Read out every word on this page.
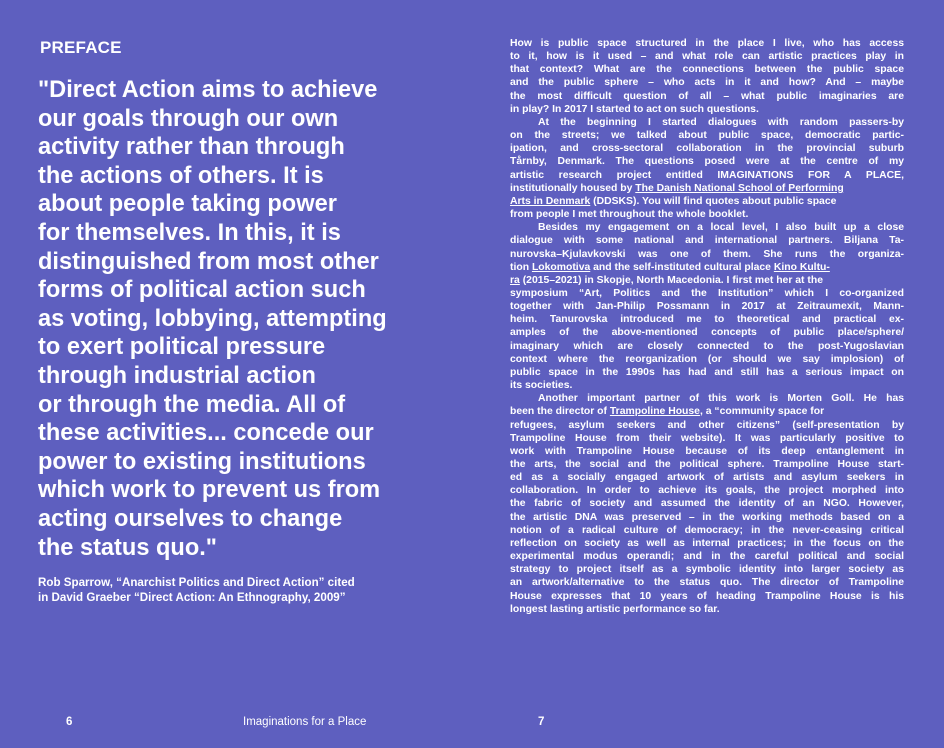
PREFACE
"Direct Action aims to achieve
our goals through our own
activity rather than through
the actions of others. It is
about people taking power
for themselves. In this, it is
distinguished from most other
forms of political action such
as voting, lobbying, attempting
to exert political pressure
through industrial action
or through the media. All of
these activities... concede our
power to existing institutions
which work to prevent us from
acting ourselves to change
the status quo."
Rob Sparrow, “Anarchist Politics and Direct Action” cited
in David Graeber “Direct Action: An Ethnography, 2009”
6	Imaginations for a Place
How is public space structured in the place I live, who has access
to it, how is it used – and what role can artistic practices play in
that context? What are the connections between the public space
and the public sphere – who acts in it and how? And – maybe
the most difficult question of all – what public imaginaries are
in play? In 2017 I started to act on such questions.
At the beginning I started dialogues with random passers-by
on the streets; we talked about public space, democratic partic-
ipation, and cross-sectoral collaboration in the provincial suburb
Tårnby, Denmark. The questions posed were at the centre of my
artistic research project entitled IMAGINATIONS FOR A PLACE,
institutionally housed by The Danish National School of Performing
Arts in Denmark (DDSKS). You will find quotes about public space
from people I met throughout the whole booklet.
Besides my engagement on a local level, I also built up a close
dialogue with some national and international partners. Biljana Ta-
nurovska–Kjulavkovski was one of them. She runs the organiza-
tion Lokomotiva and the self-instituted cultural place Kino Kultu-
ra (2015–2021) in Skopje, North Macedonia. I first met her at the
symposium “Art, Politics and the Institution” which I co-organized
together with Jan-Philip Possmann in 2017 at Zeitraumexit, Mann-
heim. Tanurovska introduced me to theoretical and practical ex-
amples of the above-mentioned concepts of public place/sphere/
imaginary which are closely connected to the post-Yugoslavian
context where the reorganization (or should we say implosion) of
public space in the 1990s has had and still has a serious impact on
its societies.
Another important partner of this work is Morten Goll. He has
been the director of Trampoline House, a “community space for
refugees, asylum seekers and other citizens” (self-presentation by
Trampoline House from their website). It was particularly positive to
work with Trampoline House because of its deep entanglement in
the arts, the social and the political sphere. Trampoline House start-
ed as a socially engaged artwork of artists and asylum seekers in
collaboration. In order to achieve its goals, the project morphed into
the fabric of society and assumed the identity of an NGO. However,
the artistic DNA was preserved – in the working methods based on a
notion of a radical culture of democracy; in the never-ceasing critical
reflection on society as well as internal practices; in the focus on the
experimental modus operandi; and in the careful political and social
strategy to project itself as a symbolic identity into larger society as
an artwork/alternative to the status quo. The director of Trampoline
House expresses that 10 years of heading Trampoline House is his
longest lasting artistic performance so far.
7
